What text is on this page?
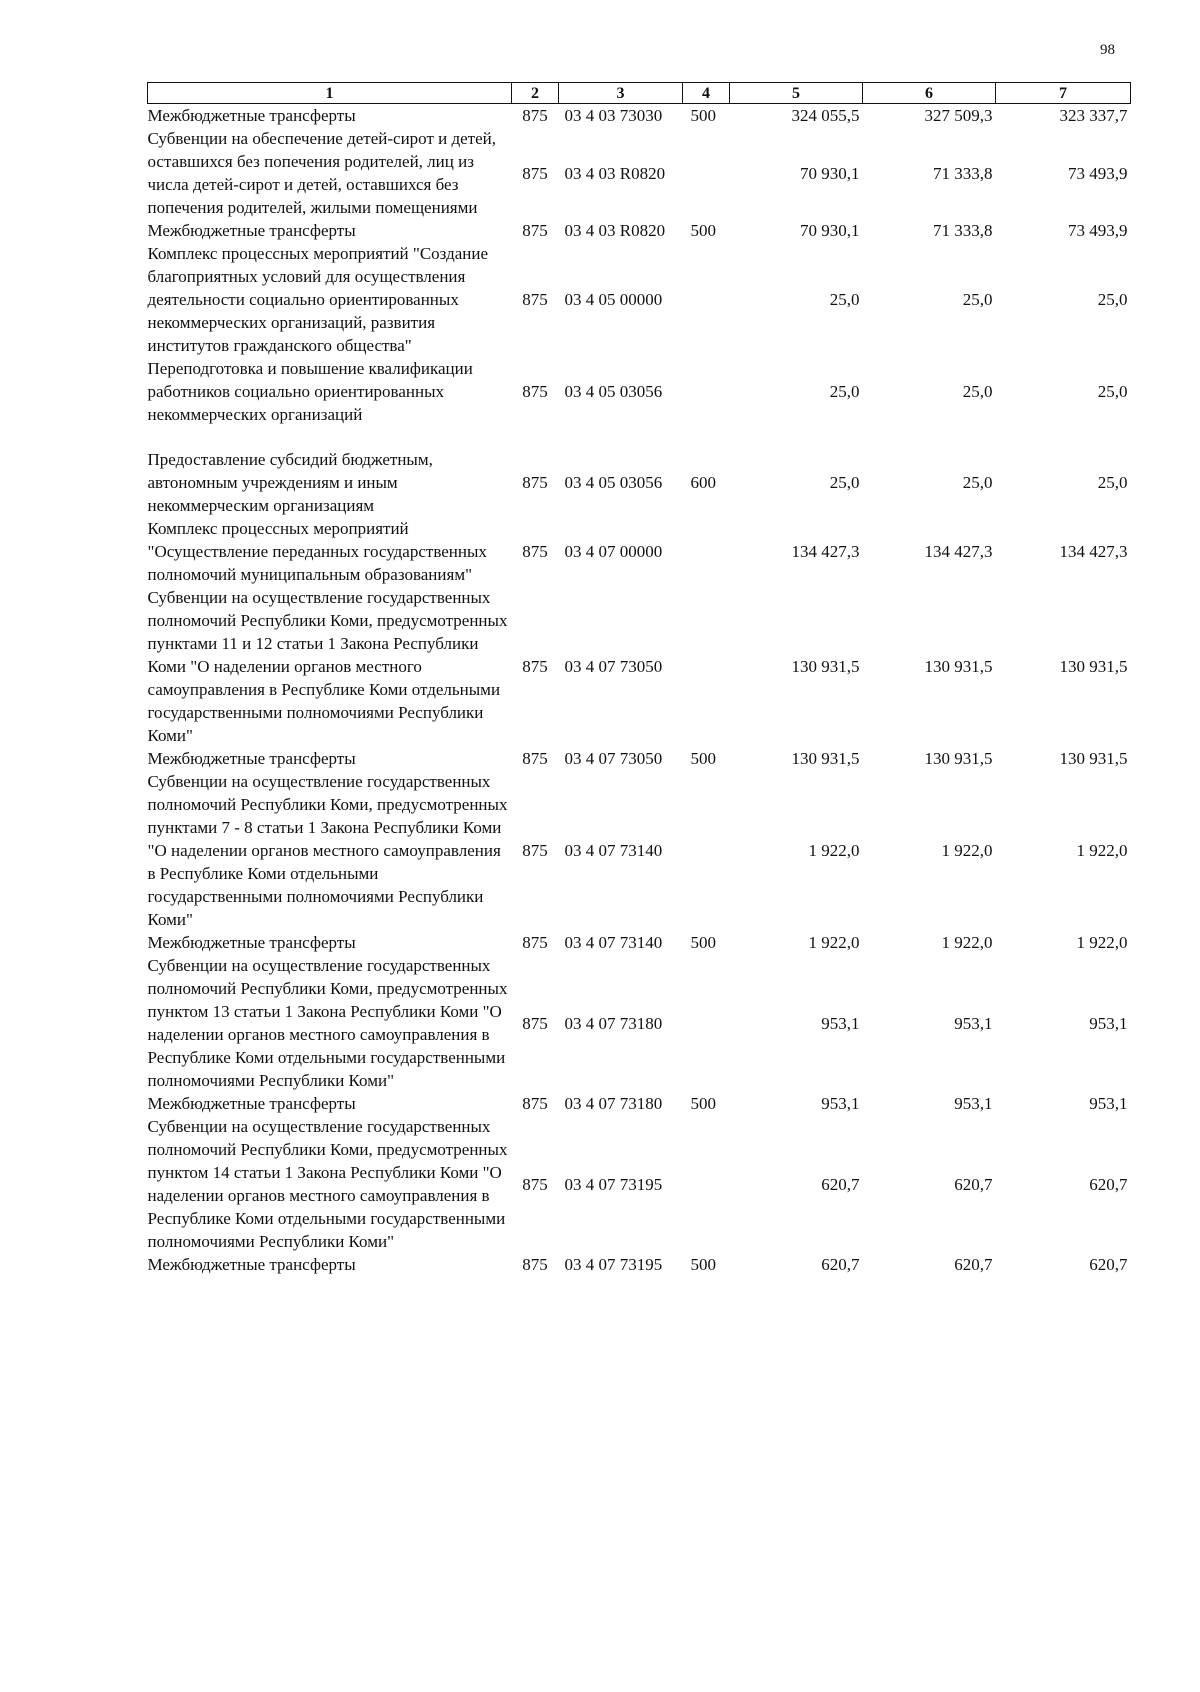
98
1	2	3	4	5	6	7
Межбюджетные трансферты	875	03 4 03 73030	500	324 055,5	327 509,3	323 337,7
Субвенции на обеспечение детей-сирот и детей, оставшихся без попечения родителей, лиц из числа детей-сирот и детей, оставшихся без попечения родителей, жилыми помещениями	875	03 4 03 R0820		70 930,1	71 333,8	73 493,9
Межбюджетные трансферты	875	03 4 03 R0820	500	70 930,1	71 333,8	73 493,9
Комплекс процессных мероприятий "Создание благоприятных условий для осуществления деятельности социально ориентированных некоммерческих организаций, развития институтов гражданского общества"	875	03 4 05 00000		25,0	25,0	25,0
Переподготовка и повышение квалификации работников социально ориентированных некоммерческих организаций	875	03 4 05 03056		25,0	25,0	25,0

Предоставление субсидий бюджетным, автономным учреждениям и иным некоммерческим организациям	875	03 4 05 03056	600	25,0	25,0	25,0
Комплекс процессных мероприятий "Осуществление переданных государственных полномочий муниципальным образованиям"	875	03 4 07 00000		134 427,3	134 427,3	134 427,3
Субвенции на осуществление государственных полномочий Республики Коми, предусмотренных пунктами 11 и 12 статьи 1 Закона Республики Коми "О наделении органов местного самоуправления в Республике Коми отдельными государственными полномочиями Республики Коми"	875	03 4 07 73050		130 931,5	130 931,5	130 931,5
Межбюджетные трансферты	875	03 4 07 73050	500	130 931,5	130 931,5	130 931,5
Субвенции на осуществление государственных полномочий Республики Коми, предусмотренных пунктами 7 - 8 статьи 1 Закона Республики Коми "О наделении органов местного самоуправления в Республике Коми отдельными государственными полномочиями Республики Коми"	875	03 4 07 73140		1 922,0	1 922,0	1 922,0
Межбюджетные трансферты	875	03 4 07 73140	500	1 922,0	1 922,0	1 922,0
Субвенции на осуществление государственных полномочий Республики Коми, предусмотренных пунктом 13 статьи 1 Закона Республики Коми "О наделении органов местного самоуправления в Республике Коми отдельными государственными полномочиями Республики Коми"	875	03 4 07 73180		953,1	953,1	953,1
Межбюджетные трансферты	875	03 4 07 73180	500	953,1	953,1	953,1
Субвенции на осуществление государственных полномочий Республики Коми, предусмотренных пунктом 14 статьи 1 Закона Республики Коми "О наделении органов местного самоуправления в Республике Коми отдельными государственными полномочиями Республики Коми"	875	03 4 07 73195		620,7	620,7	620,7
Межбюджетные трансферты	875	03 4 07 73195	500	620,7	620,7	620,7
